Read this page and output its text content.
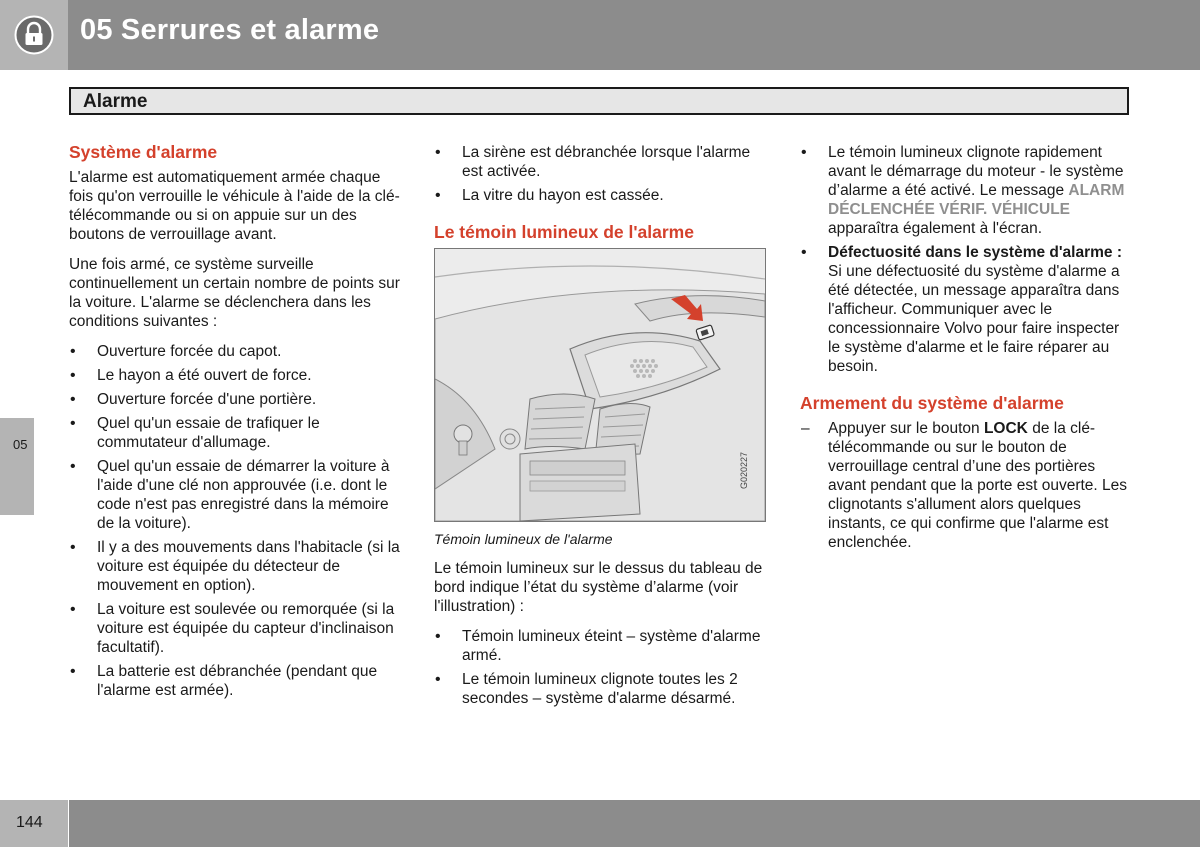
05 Serrures et alarme
Alarme
05
Système d'alarme

L'alarme est automatiquement armée chaque fois qu'on verrouille le véhicule à l'aide de la clé-télécommande ou si on appuie sur un des boutons de verrouillage avant.

Une fois armé, ce système surveille continuellement un certain nombre de points sur la voiture. L'alarme se déclenchera dans les conditions suivantes :

• Ouverture forcée du capot.
• Le hayon a été ouvert de force.
• Ouverture forcée d'une portière.
• Quel qu'un essaie de trafiquer le commutateur d'allumage.
• Quel qu'un essaie de démarrer la voiture à l'aide d'une clé non approuvée (i.e. dont le code n'est pas enregistré dans la mémoire de la voiture).
• Il y a des mouvements dans l'habitacle (si la voiture est équipée du détecteur de mouvement en option).
• La voiture est soulevée ou remorquée (si la voiture est équipée du capteur d'inclinaison facultatif).
• La batterie est débranchée (pendant que l'alarme est armée).
• La sirène est débranchée lorsque l'alarme est activée.
• La vitre du hayon est cassée.
Le témoin lumineux de l'alarme
G020227
Témoin lumineux de l'alarme

Le témoin lumineux sur le dessus du tableau de bord indique l’état du système d’alarme (voir l'illustration) :

• Témoin lumineux éteint – système d'alarme armé.
• Le témoin lumineux clignote toutes les 2 secondes – système d'alarme désarmé.
• Le témoin lumineux clignote rapidement avant le démarrage du moteur - le système d’alarme a été activé. Le message ALARM DÉCLENCHÉE VÉRIF. VÉHICULE apparaîtra également à l'écran.
• Défectuosité dans le système d'alarme : Si une défectuosité du système d'alarme a été détectée, un message apparaîtra dans l'afficheur. Communiquer avec le concessionnaire Volvo pour faire inspecter le système d'alarme et le faire réparer au besoin.
Armement du système d'alarme
– Appuyer sur le bouton LOCK de la clé-télécommande ou sur le bouton de verrouillage central d’une des portières avant pendant que la porte est ouverte. Les clignotants s'allument alors quelques instants, ce qui confirme que l'alarme est enclenchée.
144
